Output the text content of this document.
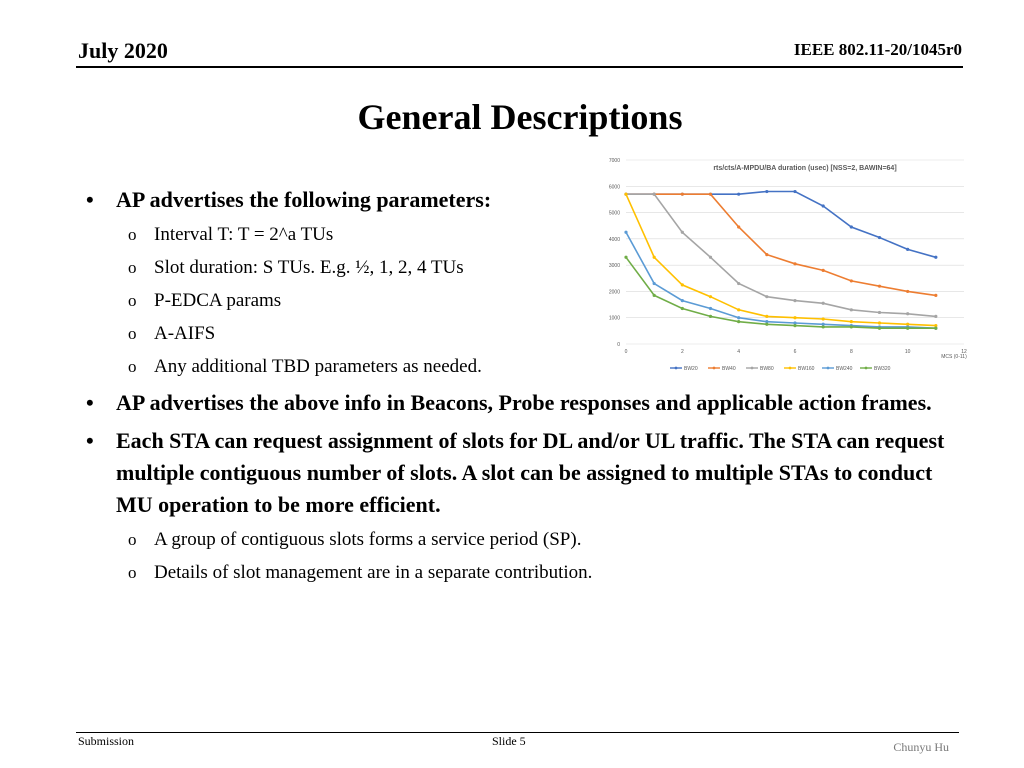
July 2020	IEEE 802.11-20/1045r0
General Descriptions
0
1000
2000
3000
4000
5000
6000
7000
0	2	4	6	8	10	12
rts/cts/A-MPDU/BA duration (usec) [NSS=2, BAWIN=64]
MCS (0-11)
BW20	BW40	BW80	BW160	BW240	BW320
• AP advertises the following parameters:
o Interval T: T = 2^a TUs
o Slot duration: S TUs. E.g. ½, 1, 2, 4 TUs
o P-EDCA params
o A-AIFS
o Any additional TBD parameters as needed.
• AP advertises the above info in Beacons, Probe responses and applicable action frames.
• Each STA can request assignment of slots for DL and/or UL traffic. The STA can request multiple contiguous number of slots. A slot can be assigned to multiple STAs to conduct MU operation to be more efficient.
o A group of contiguous slots forms a service period (SP).
o Details of slot management are in a separate contribution.
Submission	Slide 5	Chunyu Hu
